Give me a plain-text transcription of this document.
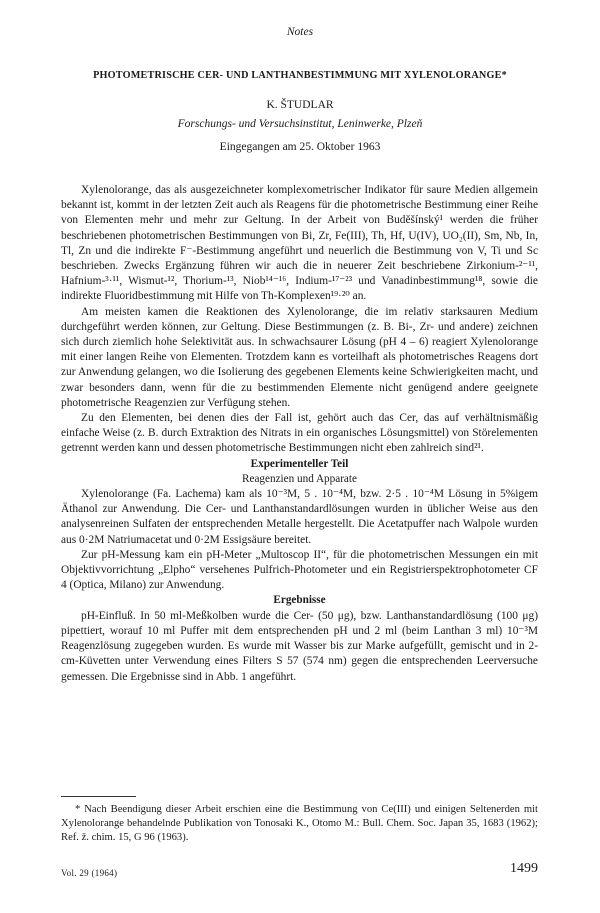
Notes
PHOTOMETRISCHE CER- UND LANTHANBESTIMMUNG MIT XYLENOLORANGE*
K. ŠTUDLAR
Forschungs- und Versuchsinstitut, Leninwerke, Plzeň
Eingegangen am 25. Oktober 1963

Xylenolorange, das als ausgezeichneter komplexometrischer Indikator für saure Medien allgemein bekannt ist, kommt in der letzten Zeit auch als Reagens für die photometrische Bestimmung einer Reihe von Elementen mehr und mehr zur Geltung. In der Arbeit von Buděšínský¹ werden die früher beschriebenen photometrischen Bestimmungen von Bi, Zr, Fe(III), Th, Hf, U(IV), UO₂(II), Sm, Nb, In, Tl, Zn und die indirekte F⁻-Bestimmung angeführt und neuerlich die Bestimmung von V, Ti und Sc beschrieben. Zwecks Ergänzung führen wir auch die in neuerer Zeit beschriebene Zirkonium-²⁻¹¹, Hafnium-³·¹¹, Wismut-¹², Thorium-¹³, Niob¹⁴⁻¹⁶, Indium-¹⁷⁻²³ und Vanadinbestimmung¹⁸, sowie die indirekte Fluoridbestimmung mit Hilfe von Th-Komplexen¹⁹·²⁰ an.

Am meisten kamen die Reaktionen des Xylenolorange, die im relativ starksauren Medium durchgeführt werden können, zur Geltung. Diese Bestimmungen (z. B. Bi-, Zr- und andere) zeichnen sich durch ziemlich hohe Selektivität aus. In schwachsaurer Lösung (pH 4 – 6) reagiert Xylenolorange mit einer langen Reihe von Elementen. Trotzdem kann es vorteilhaft als photometrisches Reagens dort zur Anwendung gelangen, wo die Isolierung des gegebenen Elements keine Schwierigkeiten macht, und zwar besonders dann, wenn für die zu bestimmenden Elemente nicht genügend andere geeignete photometrische Reagenzien zur Verfügung stehen.

Zu den Elementen, bei denen dies der Fall ist, gehört auch das Cer, das auf verhältnismäßig einfache Weise (z. B. durch Extraktion des Nitrats in ein organisches Lösungsmittel) von Störelementen getrennt werden kann und dessen photometrische Bestimmungen nicht eben zahlreich sind²¹.

Experimenteller Teil

Reagenzien und Apparate

Xylenolorange (Fa. Lachema) kam als 10⁻³M, 5 . 10⁻⁴M, bzw. 2·5 . 10⁻⁴M Lösung in 5%igem Äthanol zur Anwendung. Die Cer- und Lanthanstandardlösungen wurden in üblicher Weise aus den analysenreinen Sulfaten der entsprechenden Metalle hergestellt. Die Acetatpuffer nach Walpole wurden aus 0·2M Natriumacetat und 0·2M Essigsäure bereitet.

Zur pH-Messung kam ein pH-Meter „Multoscop II“, für die photometrischen Messungen ein mit Objektivvorrichtung „Elpho“ versehenes Pulfrich-Photometer und ein Registrierspektrophotometer CF 4 (Optica, Milano) zur Anwendung.

Ergebnisse

pH-Einfluß. In 50 ml-Meßkolben wurde die Cer- (50 μg), bzw. Lanthanstandardlösung (100 μg) pipettiert, worauf 10 ml Puffer mit dem entsprechenden pH und 2 ml (beim Lanthan 3 ml) 10⁻³M Reagenzlösung zugegeben wurden. Es wurde mit Wasser bis zur Marke aufgefüllt, gemischt und in 2-cm-Küvetten unter Verwendung eines Filters S 57 (574 nm) gegen die entsprechenden Leerversuche gemessen. Die Ergebnisse sind in Abb. 1 angeführt.

* Nach Beendigung dieser Arbeit erschien eine die Bestimmung von Ce(III) und einigen Seltenerden mit Xylenolorange behandelnde Publikation von Tonosaki K., Otomo M.: Bull. Chem. Soc. Japan 35, 1683 (1962); Ref. ž. chim. 15, G 96 (1963).
Vol. 29 (1964)	1499
